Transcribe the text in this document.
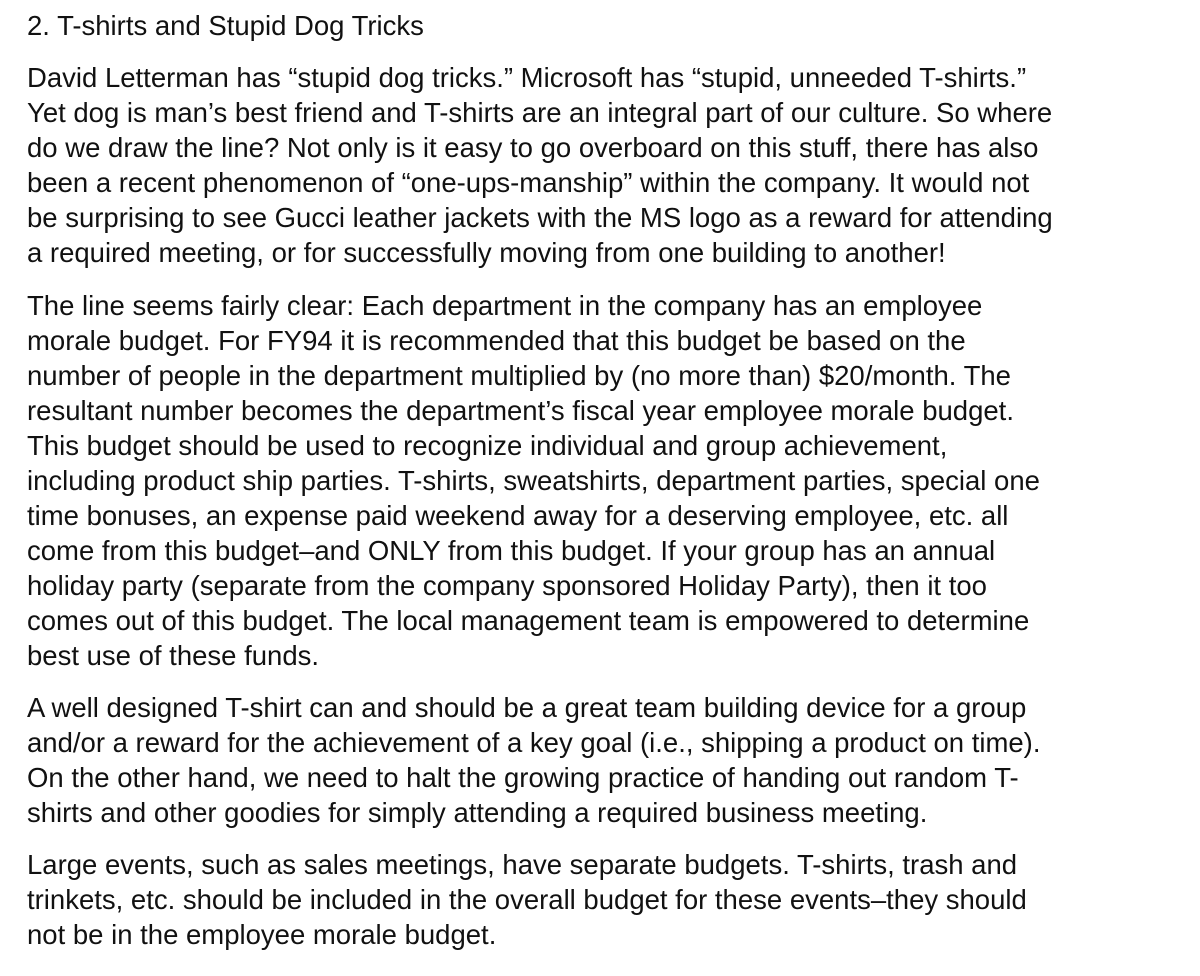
2. T-shirts and Stupid Dog Tricks
David Letterman has “stupid dog tricks.” Microsoft has “stupid, unneeded T-shirts.”
Yet dog is man’s best friend and T-shirts are an integral part of our culture. So where
do we draw the line? Not only is it easy to go overboard on this stuff, there has also
been a recent phenomenon of “one-ups-manship” within the company. It would not
be surprising to see Gucci leather jackets with the MS logo as a reward for attending
a required meeting, or for successfully moving from one building to another!
The line seems fairly clear: Each department in the company has an employee
morale budget. For FY94 it is recommended that this budget be based on the
number of people in the department multiplied by (no more than) $20/month. The
resultant number becomes the department’s fiscal year employee morale budget.
This budget should be used to recognize individual and group achievement,
including product ship parties. T-shirts, sweatshirts, department parties, special one
time bonuses, an expense paid weekend away for a deserving employee, etc. all
come from this budget–and ONLY from this budget. If your group has an annual
holiday party (separate from the company sponsored Holiday Party), then it too
comes out of this budget. The local management team is empowered to determine
best use of these funds.
A well designed T-shirt can and should be a great team building device for a group
and/or a reward for the achievement of a key goal (i.e., shipping a product on time).
On the other hand, we need to halt the growing practice of handing out random T-
shirts and other goodies for simply attending a required business meeting.
Large events, such as sales meetings, have separate budgets. T-shirts, trash and
trinkets, etc. should be included in the overall budget for these events–they should
not be in the employee morale budget.
